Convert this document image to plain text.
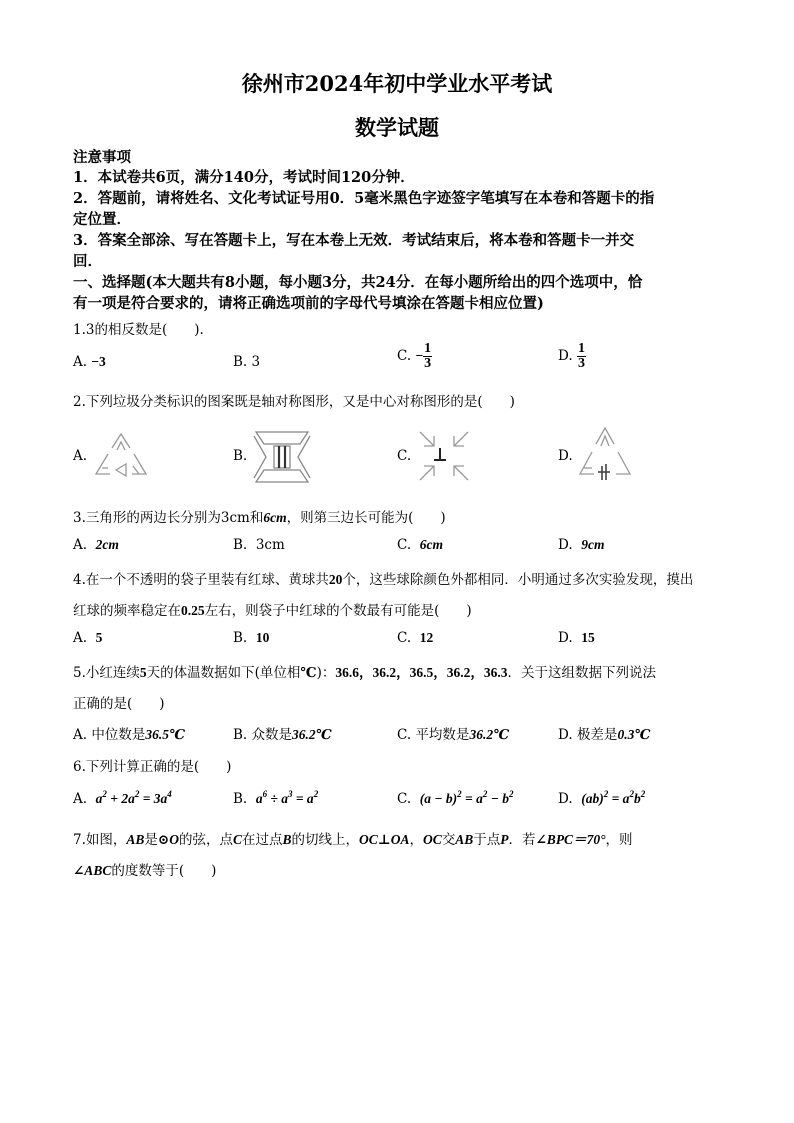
徐州市2024年初中学业水平考试
数学试题
注意事项
1．本试卷共6页，满分140分，考试时间120分钟．
2．答题前，请将姓名、文化考试证号用0．5毫米黑色字迹签字笔填写在本卷和答题卡的指
定位置．
3．答案全部涂、写在答题卡上，写在本卷上无效．考试结束后，将本卷和答题卡一并交
回．
一、选择题(本大题共有8小题，每小题3分，共24分．在每小题所给出的四个选项中，恰
有一项是符合要求的，请将正确选项前的字母代号填涂在答题卡相应位置)
1.3的相反数是(　　).
A. −3	B. 3	C. − $\frac{1}{3}$	D. $\frac{1}{3}$
2.下列垃圾分类标识的图案既是轴对称图形，又是中心对称图形的是(　　)
A.	B.	C.	D.
3.三角形的两边长分别为3cm和6cm，则第三边长可能为(　　)
A. 2cm	B. 3cm	C. 6cm	D. 9cm
4.在一个不透明的袋子里装有红球、黄球共20个，这些球除颜色外都相同．小明通过多次实验发现，摸出
红球的频率稳定在0.25左右，则袋子中红球的个数最有可能是(　　)
A. 5	B. 10	C. 12	D. 15
5.小红连续5天的体温数据如下(单位相℃)：36.6，36.2，36.5，36.2，36.3．关于这组数据下列说法
正确的是(　　)
A. 中位数是36.5℃	B. 众数是36.2℃	C. 平均数是36.2℃	D. 极差是0.3℃
6.下列计算正确的是(　　)
A. $a^2 + 2a^2 = 3a^4$	B. $a^6 \div a^3 = a^2$	C. $(a - b)^2 = a^2 - b^2$	D. $(ab)^2 = a^2b^2$
7.如图，AB是⊙O的弦，点C在过点B的切线上，OC⊥OA，OC交AB于点P．若∠BPC＝70°，则
∠ABC的度数等于(　　)
